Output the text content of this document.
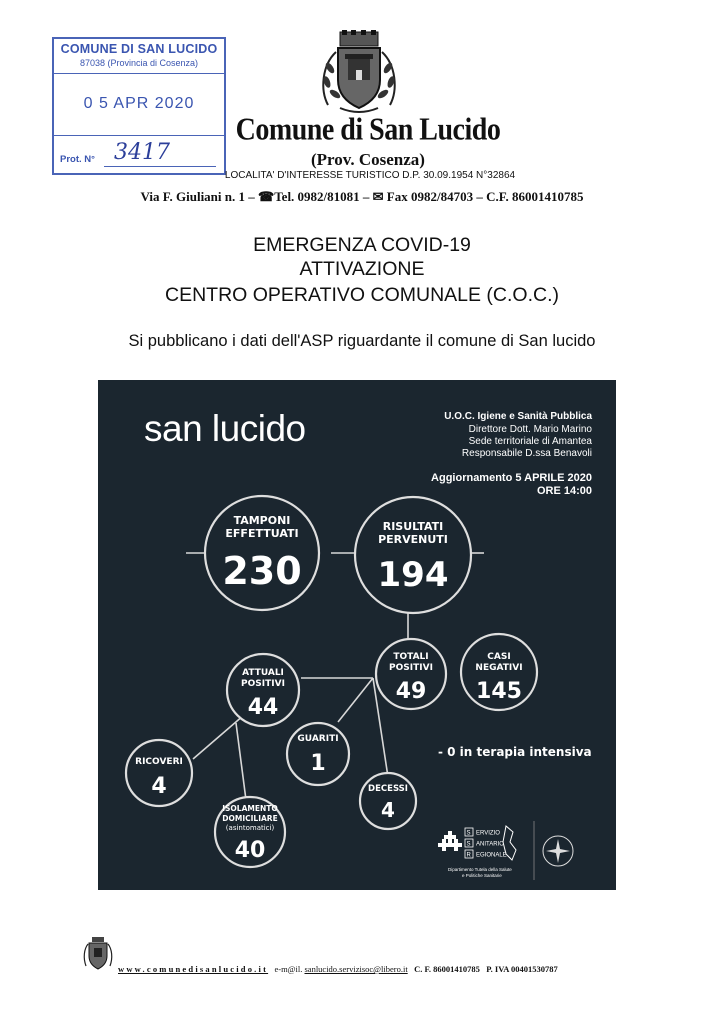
COMUNE DI SAN LUCIDO
87038 (Provincia di Cosenza)
0 5 APR 2020
Prot. N° 3417
Comune di San Lucido
(Prov. Cosenza)
LOCALITA' D'INTERESSE TURISTICO D.P. 30.09.1954 N°32864
Via F. Giuliani n. 1 – ☎Tel. 0982/81081 – ✉ Fax 0982/84703 – C.F. 86001410785
EMERGENZA COVID-19
ATTIVAZIONE
CENTRO OPERATIVO COMUNALE (C.O.C.)
Si pubblicano i dati dell'ASP riguardante il comune di San lucido
san lucido	U.O.C. Igiene e Sanità Pubblica
Direttore Dott. Mario Marino
Sede territoriale di Amantea
Responsabile D.ssa Benavoli
Aggiornamento 5 APRILE 2020
ORE 14:00
TAMPONI
EFFETTUATI
230
RISULTATI
PERVENUTI
194
TOTALI
POSITIVI
49
CASI
NEGATIVI
145
ATTUALI
POSITIVI
44
GUARITI
1
RICOVERI
4
ISOLAMENTO
DOMICILIARE
(asintomatici)
40
DECESSI
4
- 0 in terapia intensiva
S ERVIZIO
S ANITARIO
R EGIONALE
Dipartimento Tutela della Salute
e Politiche Sanitarie
www.comunedisanlucido.it e-m@il. sanlucido.servizisoc@libero.it C. F. 86001410785 P. IVA 00401530787
